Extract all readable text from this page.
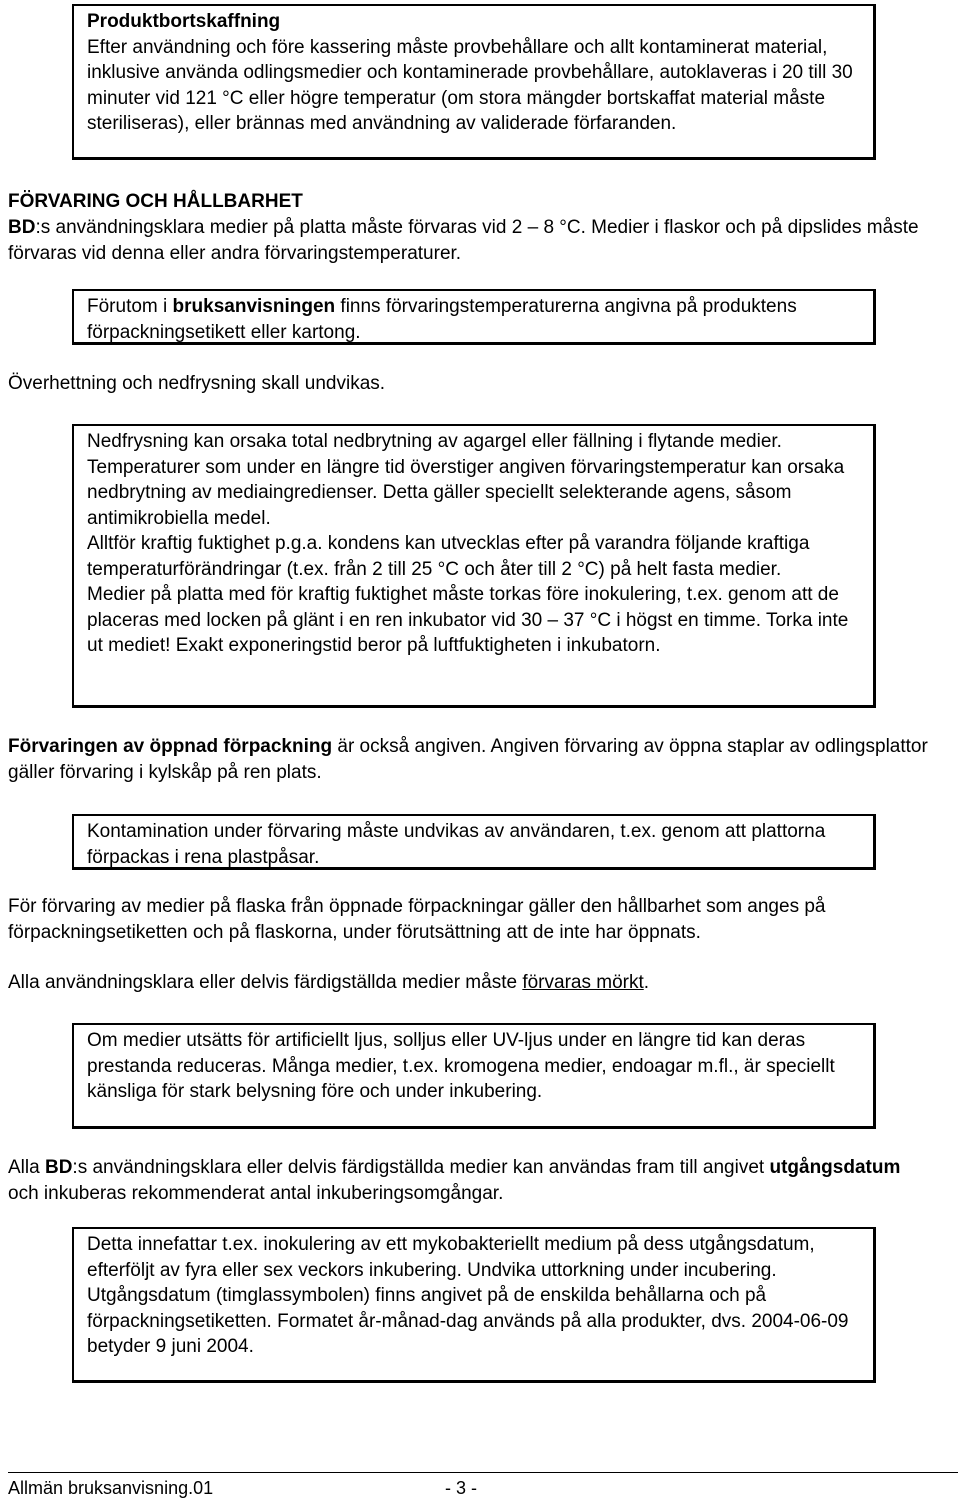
Produktbortskaffning
Efter användning och före kassering måste provbehållare och allt kontaminerat material, inklusive använda odlingsmedier och kontaminerade provbehållare, autoklaveras i 20 till 30 minuter vid 121 °C eller högre temperatur (om stora mängder bortskaffat material måste steriliseras), eller brännas med användning av validerade förfaranden.
FÖRVARING OCH HÅLLBARHET

BD:s användningsklara medier på platta måste förvaras vid 2 – 8 °C. Medier i flaskor och på dipslides måste förvaras vid denna eller andra förvaringstemperaturer.

Förutom i bruksanvisningen finns förvaringstemperaturerna angivna på produktens förpackningsetikett eller kartong.

Överhettning och nedfrysning skall undvikas.

Nedfrysning kan orsaka total nedbrytning av agargel eller fällning i flytande medier. Temperaturer som under en längre tid överstiger angiven förvaringstemperatur kan orsaka nedbrytning av mediaingredienser. Detta gäller speciellt selekterande agens, såsom antimikrobiella medel.
Alltför kraftig fuktighet p.g.a. kondens kan utvecklas efter på varandra följande kraftiga temperaturförändringar (t.ex. från 2 till 25 °C och åter till 2 °C) på helt fasta medier.
Medier på platta med för kraftig fuktighet måste torkas före inokulering, t.ex. genom att de placeras med locken på glänt i en ren inkubator vid 30 – 37 °C i högst en timme. Torka inte ut mediet! Exakt exponeringstid beror på luftfuktigheten i inkubatorn.

Förvaringen av öppnad förpackning är också angiven. Angiven förvaring av öppna staplar av odlingsplattor gäller förvaring i kylskåp på ren plats.

Kontamination under förvaring måste undvikas av användaren, t.ex. genom att plattorna förpackas i rena plastpåsar.

För förvaring av medier på flaska från öppnade förpackningar gäller den hållbarhet som anges på förpackningsetiketten och på flaskorna, under förutsättning att de inte har öppnats.

Alla användningsklara eller delvis färdigställda medier måste förvaras mörkt.

Om medier utsätts för artificiellt ljus, solljus eller UV-ljus under en längre tid kan deras prestanda reduceras. Många medier, t.ex. kromogena medier, endoagar m.fl., är speciellt känsliga för stark belysning före och under inkubering.

Alla BD:s användningsklara eller delvis färdigställda medier kan användas fram till angivet utgångsdatum och inkuberas rekommenderat antal inkuberingsomgångar.

Detta innefattar t.ex. inokulering av ett mykobakteriellt medium på dess utgångsdatum, efterföljt av fyra eller sex veckors inkubering. Undvika uttorkning under incubering.
Utgångsdatum (timglassymbolen) finns angivet på de enskilda behållarna och på förpackningsetiketten. Formatet år-månad-dag används på alla produkter, dvs. 2004-06-09 betyder 9 juni 2004.
Allmän bruksanvisning.01	- 3 -
